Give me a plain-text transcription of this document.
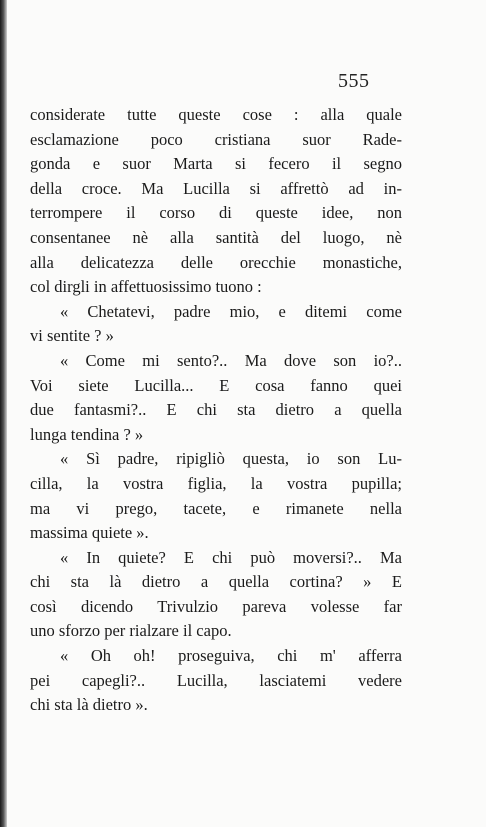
555
considerate tutte queste cose : alla quale
esclamazione poco cristiana suor Rade-
gonda e suor Marta si fecero il segno
della croce. Ma Lucilla si affrettò ad in-
terrompere il corso di queste idee, non
consentanee nè alla santità del luogo, nè
alla delicatezza delle orecchie monastiche,
col dirgli in affettuosissimo tuono :
« Chetatevi, padre mio, e ditemi come
vi sentite ? »
« Come mi sento?.. Ma dove son io?..
Voi siete Lucilla... E cosa fanno quei
due fantasmi?.. E chi sta dietro a quella
lunga tendina ? »
« Sì padre, ripigliò questa, io son Lu-
cilla, la vostra figlia, la vostra pupilla;
ma vi prego, tacete, e rimanete nella
massima quiete ».
« In quiete? E chi può moversi?.. Ma
chi sta là dietro a quella cortina? » E
così dicendo Trivulzio pareva volesse far
uno sforzo per rialzare il capo.
« Oh oh! proseguiva, chi m' afferra
pei capegli?.. Lucilla, lasciatemi vedere
chi sta là dietro ».
